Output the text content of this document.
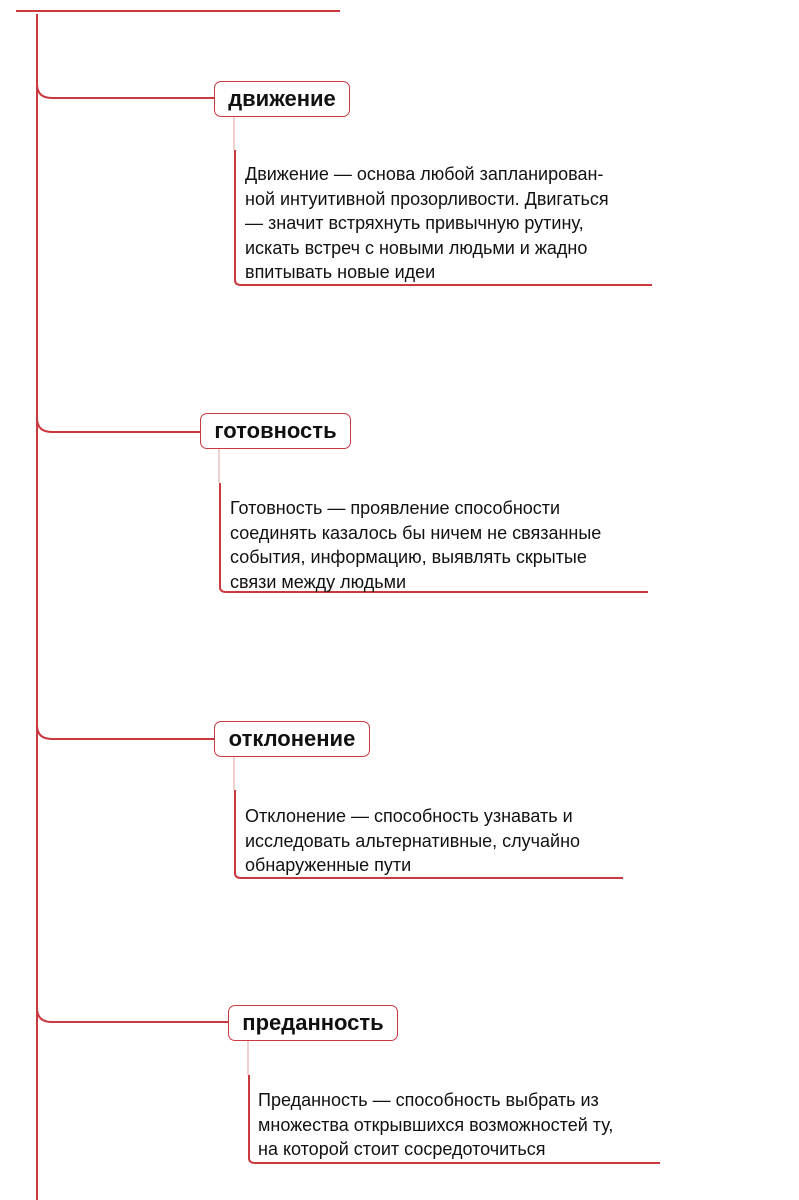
движение
Движение — основа любой запланирован-
ной интуитивной прозорливости. Двигаться
— значит встряхнуть привычную рутину,
искать встреч с новыми людьми и жадно
впитывать новые идеи
готовность
Готовность — проявление способности
соединять казалось бы ничем не связанные
события, информацию, выявлять скрытые
связи между людьми
отклонение
Отклонение — способность узнавать и
исследовать альтернативные, случайно
обнаруженные пути
преданность
Преданность — способность выбрать из
множества открывшихся возможностей ту,
на которой стоит сосредоточиться
